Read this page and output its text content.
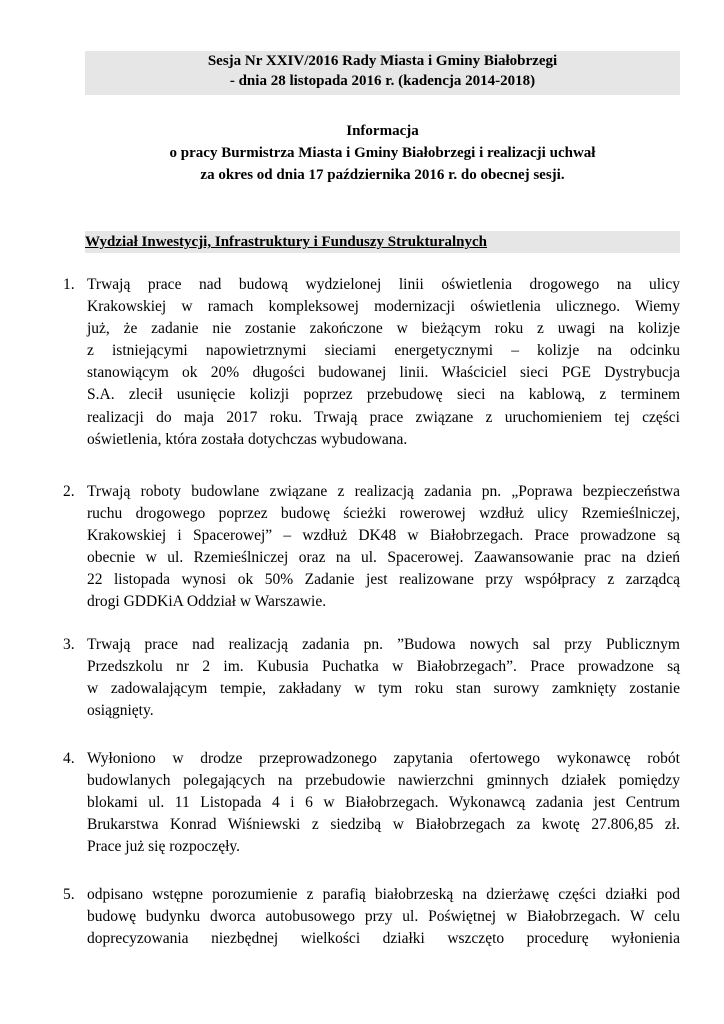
Sesja Nr XXIV/2016 Rady Miasta i Gminy Białobrzegi
- dnia 28 listopada 2016 r. (kadencja 2014-2018)
Informacja
o pracy Burmistrza Miasta i Gminy Białobrzegi i realizacji uchwał
za okres od dnia 17 października 2016 r. do obecnej sesji.
Wydział Inwestycji, Infrastruktury i Funduszy Strukturalnych
1. Trwają prace nad budową wydzielonej linii oświetlenia drogowego na ulicy
Krakowskiej w ramach kompleksowej modernizacji oświetlenia ulicznego. Wiemy
już, że zadanie nie zostanie zakończone w bieżącym roku z uwagi na kolizje
z istniejącymi napowietrznymi sieciami energetycznymi – kolizje na odcinku
stanowiącym ok 20% długości budowanej linii. Właściciel sieci PGE Dystrybucja
S.A. zlecił usunięcie kolizji poprzez przebudowę sieci na kablową, z terminem
realizacji do maja 2017 roku. Trwają prace związane z uruchomieniem tej części
oświetlenia, która została dotychczas wybudowana.
2. Trwają roboty budowlane związane z realizacją zadania pn. „Poprawa bezpieczeństwa
ruchu drogowego poprzez budowę ścieżki rowerowej wzdłuż ulicy Rzemieślniczej,
Krakowskiej i Spacerowej” – wzdłuż DK48 w Białobrzegach. Prace prowadzone są
obecnie w ul. Rzemieślniczej oraz na ul. Spacerowej. Zaawansowanie prac na dzień
22 listopada wynosi ok 50% Zadanie jest realizowane przy współpracy z zarządcą
drogi GDDKiA Oddział w Warszawie.
3. Trwają prace nad realizacją zadania pn. ”Budowa nowych sal przy Publicznym
Przedszkolu nr 2 im. Kubusia Puchatka w Białobrzegach”. Prace prowadzone są
w zadowalającym tempie, zakładany w tym roku stan surowy zamknięty zostanie
osiągnięty.
4. Wyłoniono w drodze przeprowadzonego zapytania ofertowego wykonawcę robót
budowlanych polegających na przebudowie nawierzchni gminnych działek pomiędzy
blokami ul. 11 Listopada 4 i 6 w Białobrzegach. Wykonawcą zadania jest Centrum
Brukarstwa Konrad Wiśniewski z siedzibą w Białobrzegach za kwotę 27.806,85 zł.
Prace już się rozpoczęły.
5. odpisano wstępne porozumienie z parafią białobrzeską na dzierżawę części działki pod
budowę budynku dworca autobusowego przy ul. Poświętnej w Białobrzegach. W celu
doprecyzowania niezbędnej wielkości działki wszczęto procedurę wyłonienia
